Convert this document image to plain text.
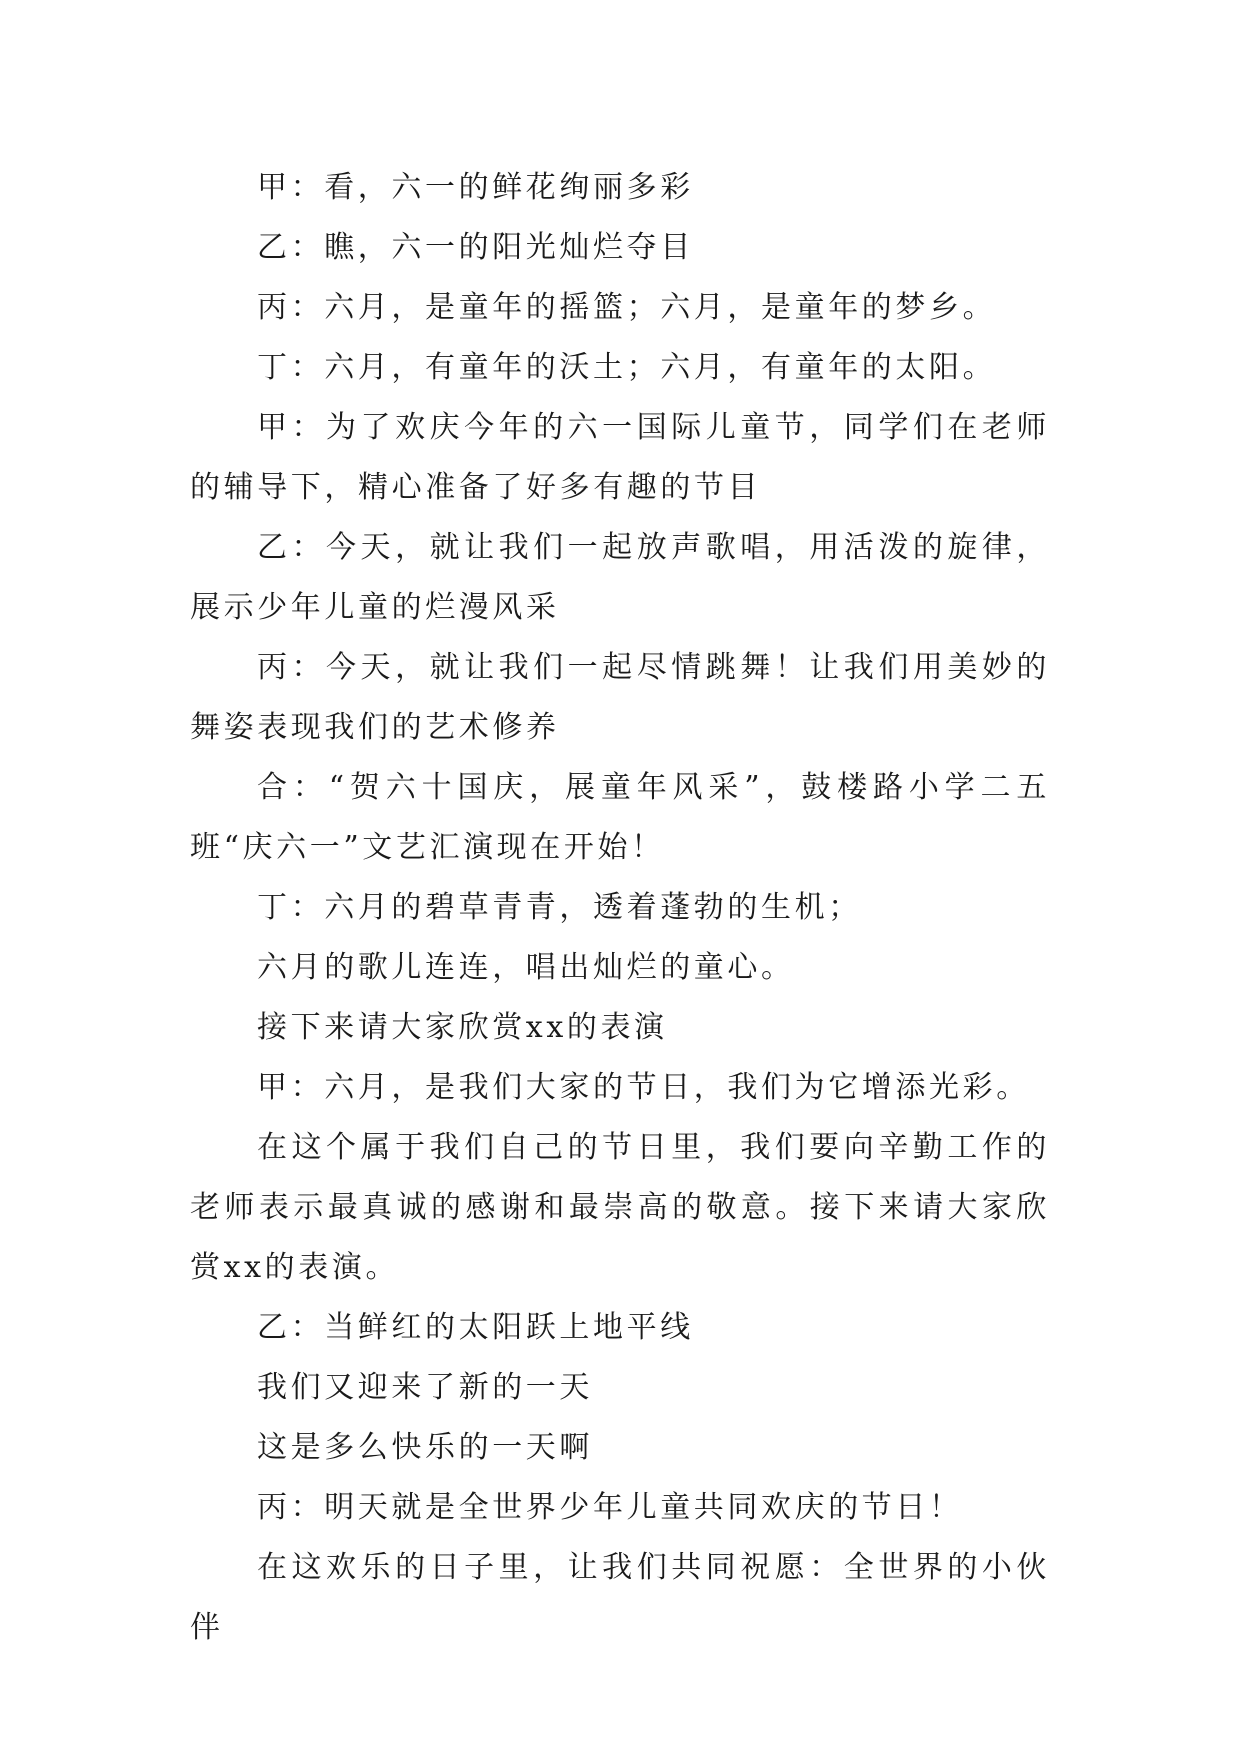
甲：看，六一的鲜花绚丽多彩

乙：瞧，六一的阳光灿烂夺目

丙：六月，是童年的摇篮；六月，是童年的梦乡。

丁：六月，有童年的沃土；六月，有童年的太阳。

甲：为了欢庆今年的六一国际儿童节，同学们在老师的辅导下，精心准备了好多有趣的节目

乙：今天，就让我们一起放声歌唱，用活泼的旋律，展示少年儿童的烂漫风采

丙：今天，就让我们一起尽情跳舞！让我们用美妙的舞姿表现我们的艺术修养

合：“贺六十国庆，展童年风采”，鼓楼路小学二五班“庆六一”文艺汇演现在开始！

丁：六月的碧草青青，透着蓬勃的生机；

六月的歌儿连连，唱出灿烂的童心。

接下来请大家欣赏xx的表演

甲：六月，是我们大家的节日，我们为它增添光彩。

在这个属于我们自己的节日里，我们要向辛勤工作的老师表示最真诚的感谢和最崇高的敬意。接下来请大家欣赏xx的表演。

乙：当鲜红的太阳跃上地平线

我们又迎来了新的一天

这是多么快乐的一天啊

丙：明天就是全世界少年儿童共同欢庆的节日！

在这欢乐的日子里，让我们共同祝愿：全世界的小伙伴
